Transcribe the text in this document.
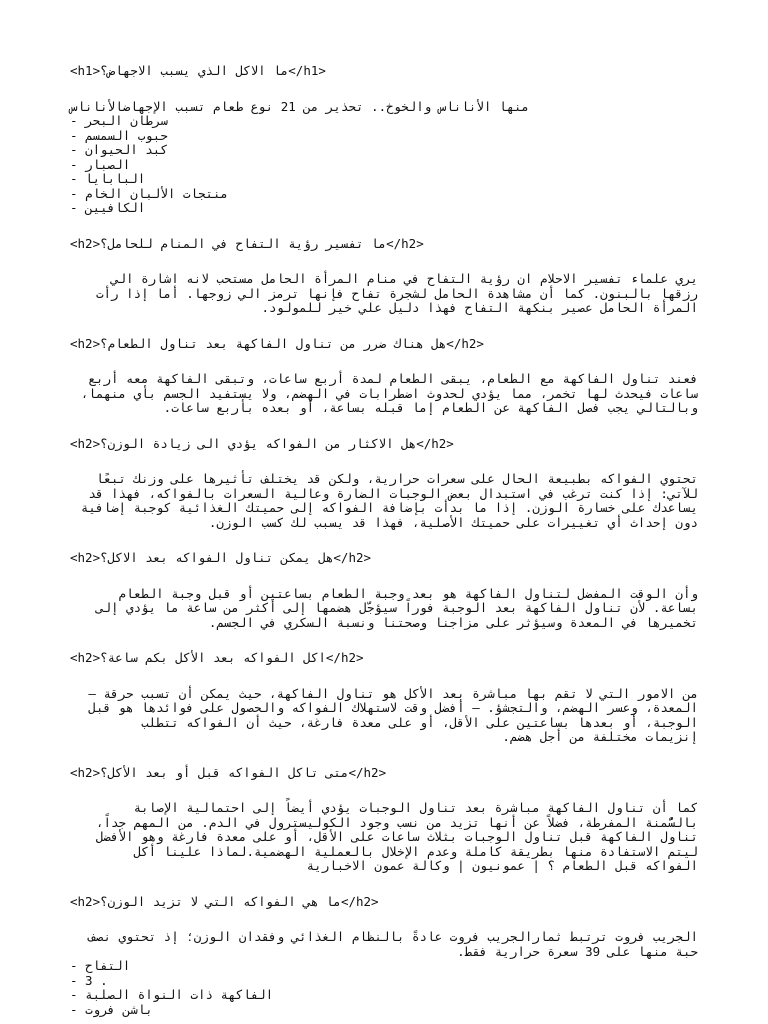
<h1>ما الاكل الذي يسبب الاجهاض؟</h1>
منها الأناناس والخوخ.. تحذير من 21 نوع طعام تسبب الإجهاضالأناناس
- سرطان البحر
- حبوب السمسم
- كبد الحيوان
- الصبار
- البابايا
- منتجات الألبان الخام
- الكافيين
<h2>ما تفسير رؤية التفاح في المنام للحامل؟</h2>
يري علماء تفسير الاحلام ان رؤية التفاح في منام المرأة الحامل مستحب لانه اشارة الي
رزقها بالبنون. كما أن مشاهدة الحامل لشجرة تفاح فإنها ترمز الي زوجها. أما إذا رأت
المرأة الحامل عصير بنكهة التفاح فهذا دليل علي خير للمولود.
<h2>هل هناك ضرر من تناول الفاكهة بعد تناول الطعام؟</h2>
فعند تناول الفاكهة مع الطعام، يبقى الطعام لمدة أربع ساعات، وتبقى الفاكهة معه أربع
ساعات فيحدث لها تخمر، مما يؤدي لحدوث اضطرابات في الهضم، ولا يستفيد الجسم بأي منهما،
وبالتالي يجب فصل الفاكهة عن الطعام إما قبله بساعة، أو بعده بأربع ساعات.
<h2>هل الاكثار من الفواكه يؤدي الى زيادة الوزن؟</h2>
تحتوي الفواكه بطبيعة الحال على سعرات حرارية، ولكن قد يختلف تأثيرها على وزنك تبعًا
للآتي: إذا كنت ترغب في استبدال بعض الوجبات الضارة وعالية السعرات بالفواكه، فهذا قد
يساعدك على خسارة الوزن. إذا ما بدأت بإضافة الفواكه إلى حميتك الغذائية كوجبة إضافية
دون إحداث أي تغييرات على حميتك الأصلية، فهذا قد يسبب لك كسب الوزن.
<h2>هل يمكن تناول الفواكه بعد الاكل؟</h2>
وأن الوقت المفضل لتناول الفاكهة هو بعد وجبة الطعام بساعتين أو قبل وجبة الطعام
بساعة. لأن تناول الفاكهة بعد الوجبة فوراً سيؤجّل هضمها إلى أكثر من ساعة ما يؤدي إلى
تخميرها في المعدة وسيؤثر على مزاجنا وصحتنا ونسبة السكري في الجسم.
<h2>اكل الفواكه بعد الأكل بكم ساعة؟</h2>
من الامور التي لا تقم بها مباشرة بعد الأكل هو تناول الفاكهة، حيث يمكن أن تسبب حرقة –
المعدة، وعسر الهضم، والتجشؤ. – أفضل وقت لاستهلاك الفواكه والحصول على فوائدها هو قبل
الوجبة، أو بعدها بساعتين على الأقل، أو على معدة فارغة، حيث أن الفواكه تتطلب
إنزيمات مختلفة من أجل هضم.
<h2>متى تاكل الفواكه قبل أو بعد الأكل؟</h2>
كما أن تناول الفاكهة مباشرة بعد تناول الوجبات يؤدي أيضاً إلى احتمالية الإصابة
بالسُّمنة المفرطة، فضلاً عن أنها تزيد من نسب وجود الكوليسترول في الدم. من المهم جداً،
تناول الفاكهة قبل تناول الوجبات بثلاث ساعات على الأقل، أو على معدة فارغة وهو الأفضل
ليتم الاستفادة منها بطريقة كاملة وعدم الإخلال بالعملية الهضمية.لماذا علينا أكل
الفواكه قبل الطعام ؟ | عمونيون | وكالة عمون الاخبارية
<h2>ما هي الفواكه التي لا تزيد الوزن؟</h2>
الجريب فروت ترتبط ثمارالجريب فروت عادةً بالنظام الغذائي وفقدان الوزن؛ إذ تحتوي نصف
حبة منها على 39 سعرة حرارية فقط.
- التفاح
- 3 .
- الفاكهة ذات النواة الصلبة
- باشن فروت
